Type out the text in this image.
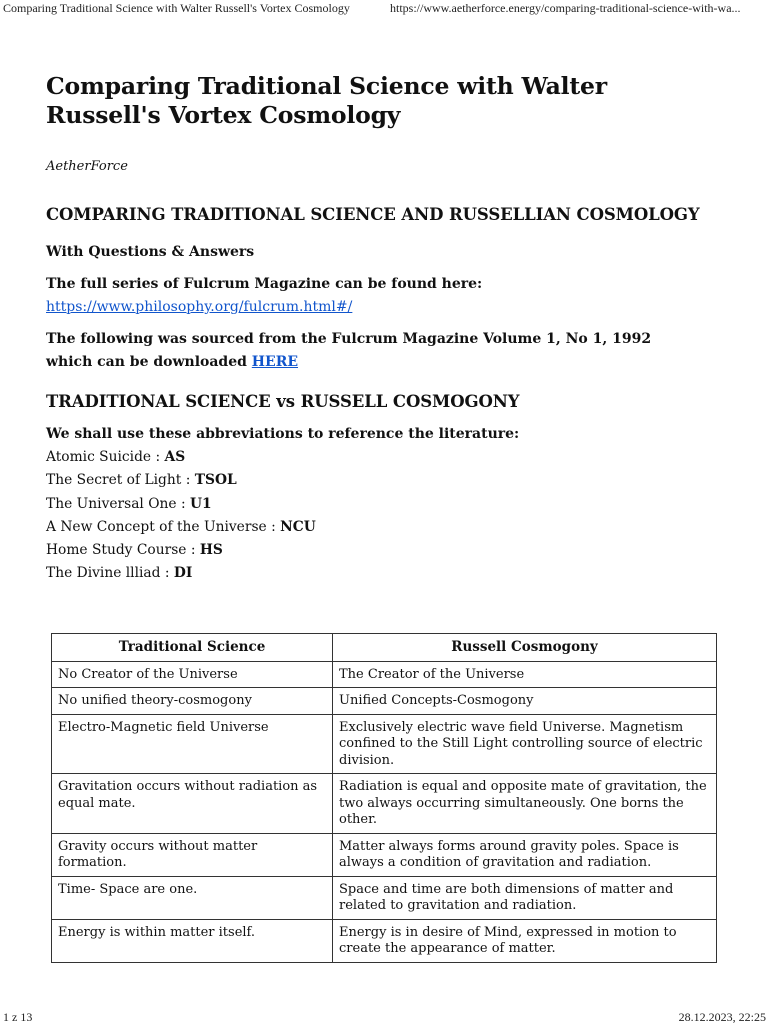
Comparing Traditional Science with Walter Russell's Vortex Cosmology	https://www.aetherforce.energy/comparing-traditional-science-with-wa...
Comparing Traditional Science with Walter Russell's Vortex Cosmology
AetherForce
COMPARING TRADITIONAL SCIENCE AND RUSSELLIAN COSMOLOGY
With Questions & Answers
The full series of Fulcrum Magazine can be found here: https://www.philosophy.org/fulcrum.html#/
The following was sourced from the Fulcrum Magazine Volume 1, No 1, 1992 which can be downloaded HERE
TRADITIONAL SCIENCE vs RUSSELL COSMOGONY
We shall use these abbreviations to reference the literature:
Atomic Suicide : AS
The Secret of Light : TSOL
The Universal One : U1
A New Concept of the Universe : NCU
Home Study Course : HS
The Divine llliad : DI
Traditional Science	Russell Cosmogony
No Creator of the Universe	The Creator of the Universe
No unified theory-cosmogony	Unified Concepts-Cosmogony
Electro-Magnetic field Universe	Exclusively electric wave field Universe. Magnetism confined to the Still Light controlling source of electric division.
Gravitation occurs without radiation as equal mate.	Radiation is equal and opposite mate of gravitation, the two always occurring simultaneously. One borns the other.
Gravity occurs without matter formation.	Matter always forms around gravity poles. Space is always a condition of gravitation and radiation.
Time- Space are one.	Space and time are both dimensions of matter and related to gravitation and radiation.
Energy is within matter itself.	Energy is in desire of Mind, expressed in motion to create the appearance of matter.
1 z 13	28.12.2023, 22:25
